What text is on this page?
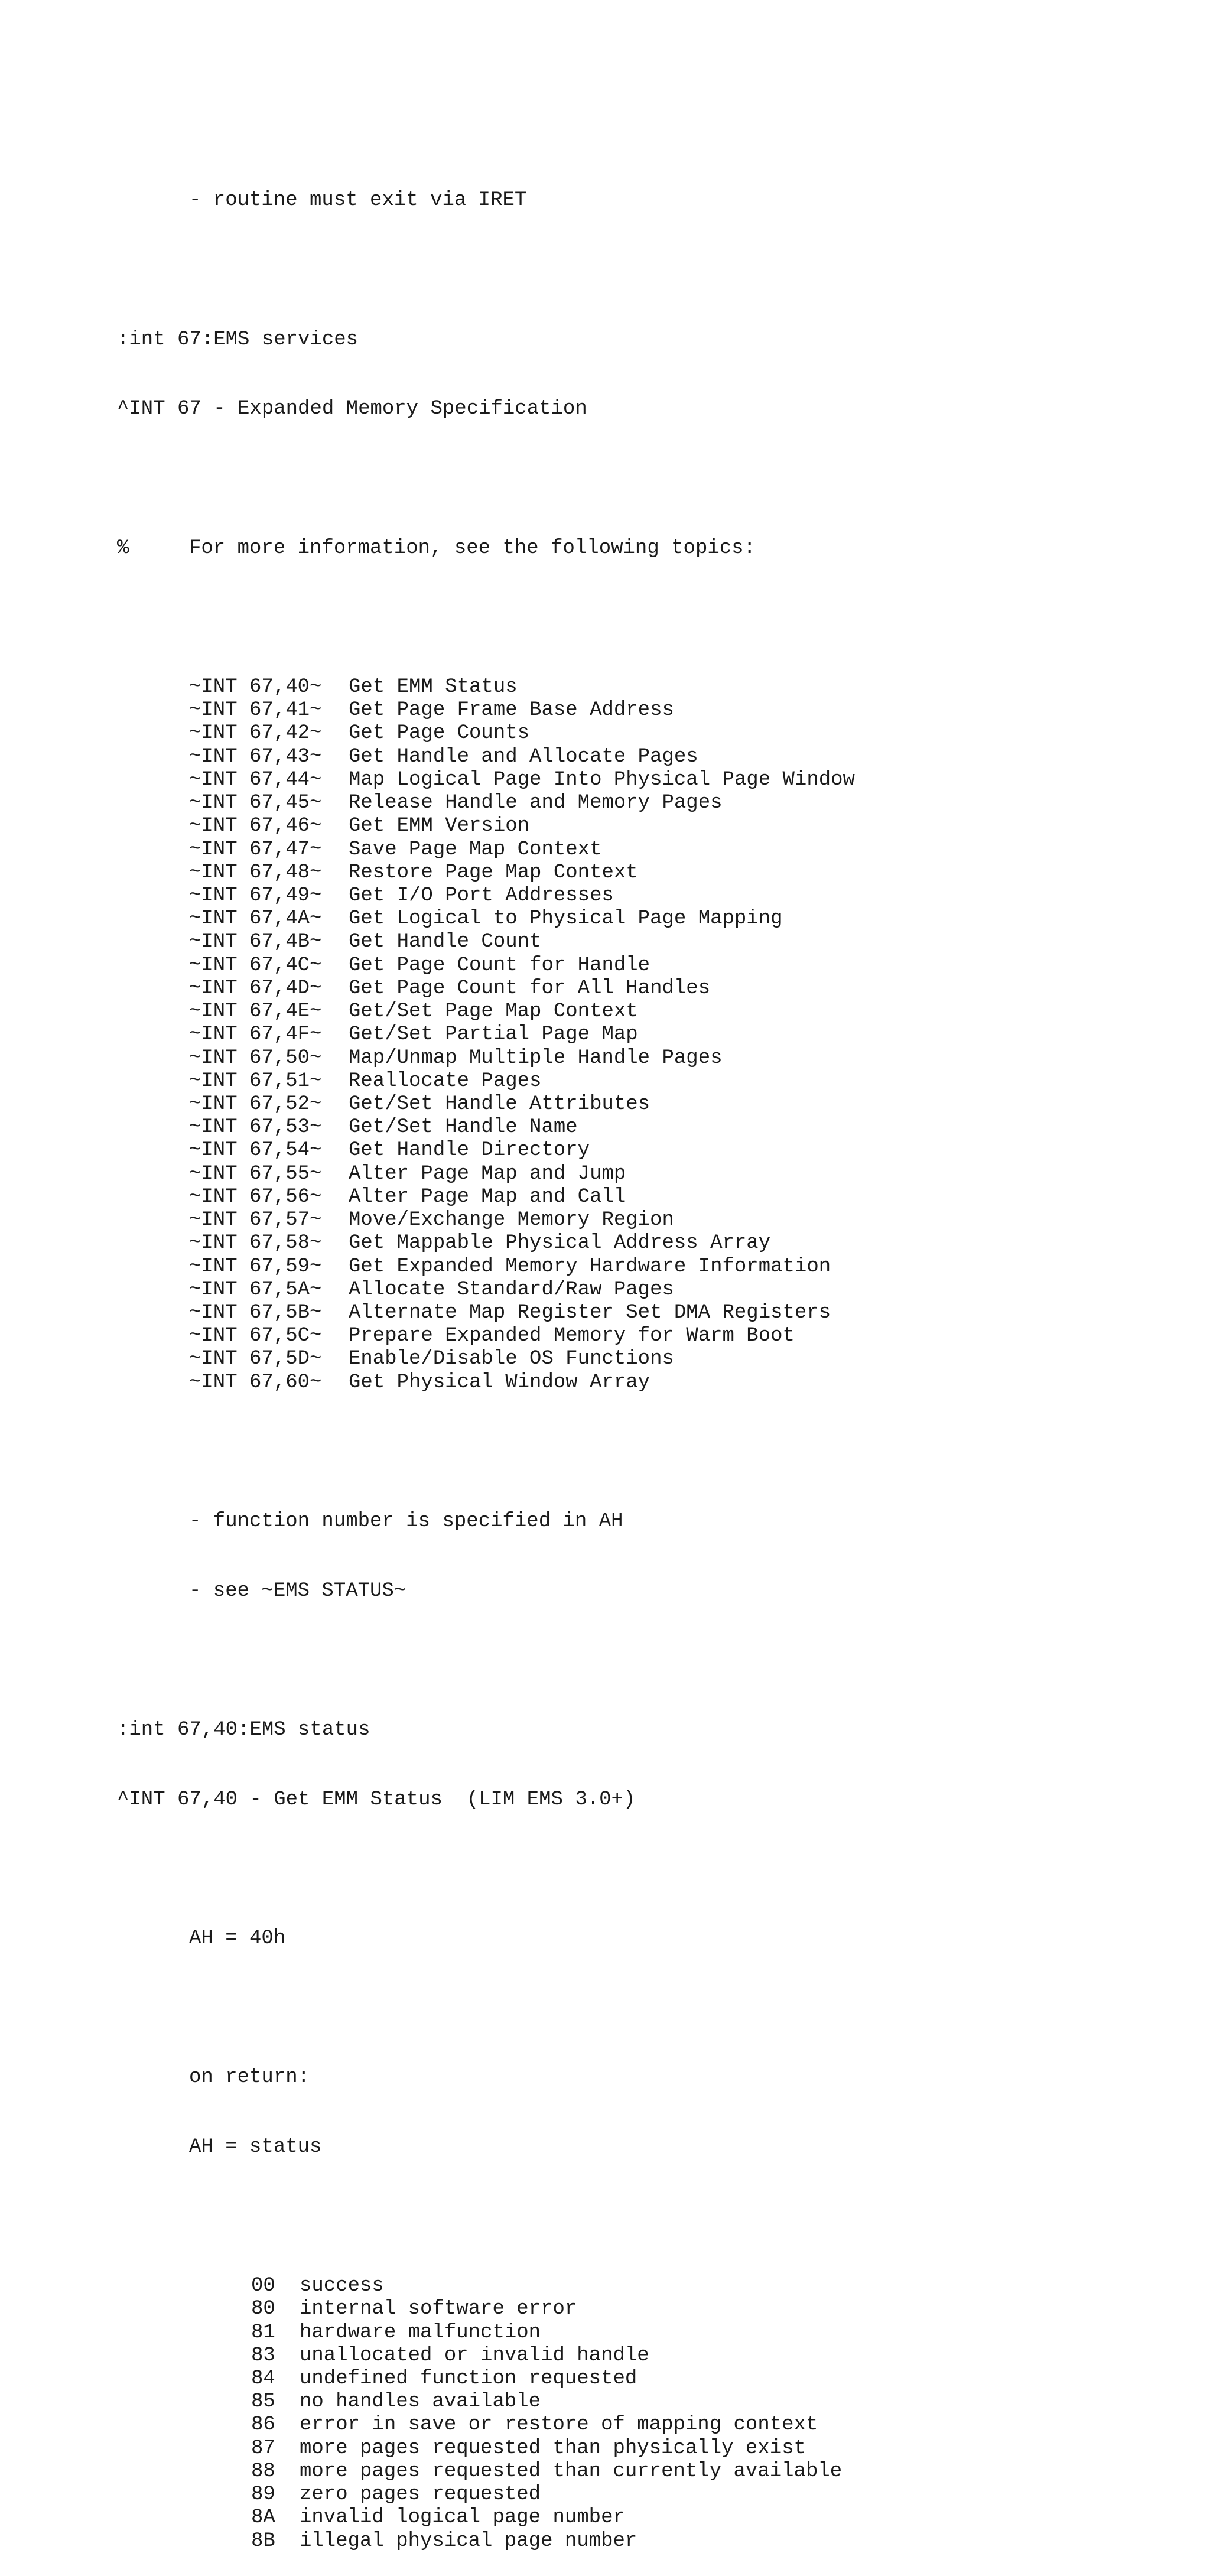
- routine must exit via IRET

:int 67:EMS services

^INT 67 - Expanded Memory Specification

%	For more information, see the following topics:

~INT 67,40~ Get EMM Status
~INT 67,41~ Get Page Frame Base Address
~INT 67,42~ Get Page Counts
~INT 67,43~ Get Handle and Allocate Pages
~INT 67,44~ Map Logical Page Into Physical Page Window
~INT 67,45~ Release Handle and Memory Pages
~INT 67,46~ Get EMM Version
~INT 67,47~ Save Page Map Context
~INT 67,48~ Restore Page Map Context
~INT 67,49~ Get I/O Port Addresses
~INT 67,4A~ Get Logical to Physical Page Mapping
~INT 67,4B~ Get Handle Count
~INT 67,4C~ Get Page Count for Handle
~INT 67,4D~ Get Page Count for All Handles
~INT 67,4E~ Get/Set Page Map Context
~INT 67,4F~ Get/Set Partial Page Map
~INT 67,50~ Map/Unmap Multiple Handle Pages
~INT 67,51~ Reallocate Pages
~INT 67,52~ Get/Set Handle Attributes
~INT 67,53~ Get/Set Handle Name
~INT 67,54~ Get Handle Directory
~INT 67,55~ Alter Page Map and Jump
~INT 67,56~ Alter Page Map and Call
~INT 67,57~ Move/Exchange Memory Region
~INT 67,58~ Get Mappable Physical Address Array
~INT 67,59~ Get Expanded Memory Hardware Information
~INT 67,5A~ Allocate Standard/Raw Pages
~INT 67,5B~ Alternate Map Register Set DMA Registers
~INT 67,5C~ Prepare Expanded Memory for Warm Boot
~INT 67,5D~ Enable/Disable OS Functions
~INT 67,60~ Get Physical Window Array

- function number is specified in AH

- see ~EMS STATUS~

:int 67,40:EMS status

^INT 67,40 - Get EMM Status  (LIM EMS 3.0+)

AH = 40h

on return:

AH = status

00 success
80 internal software error
81 hardware malfunction
83 unallocated or invalid handle
84 undefined function requested
85 no handles available
86 error in save or restore of mapping context
87 more pages requested than physically exist
88 more pages requested than currently available
89 zero pages requested
8A invalid logical page number
8B illegal physical page number
